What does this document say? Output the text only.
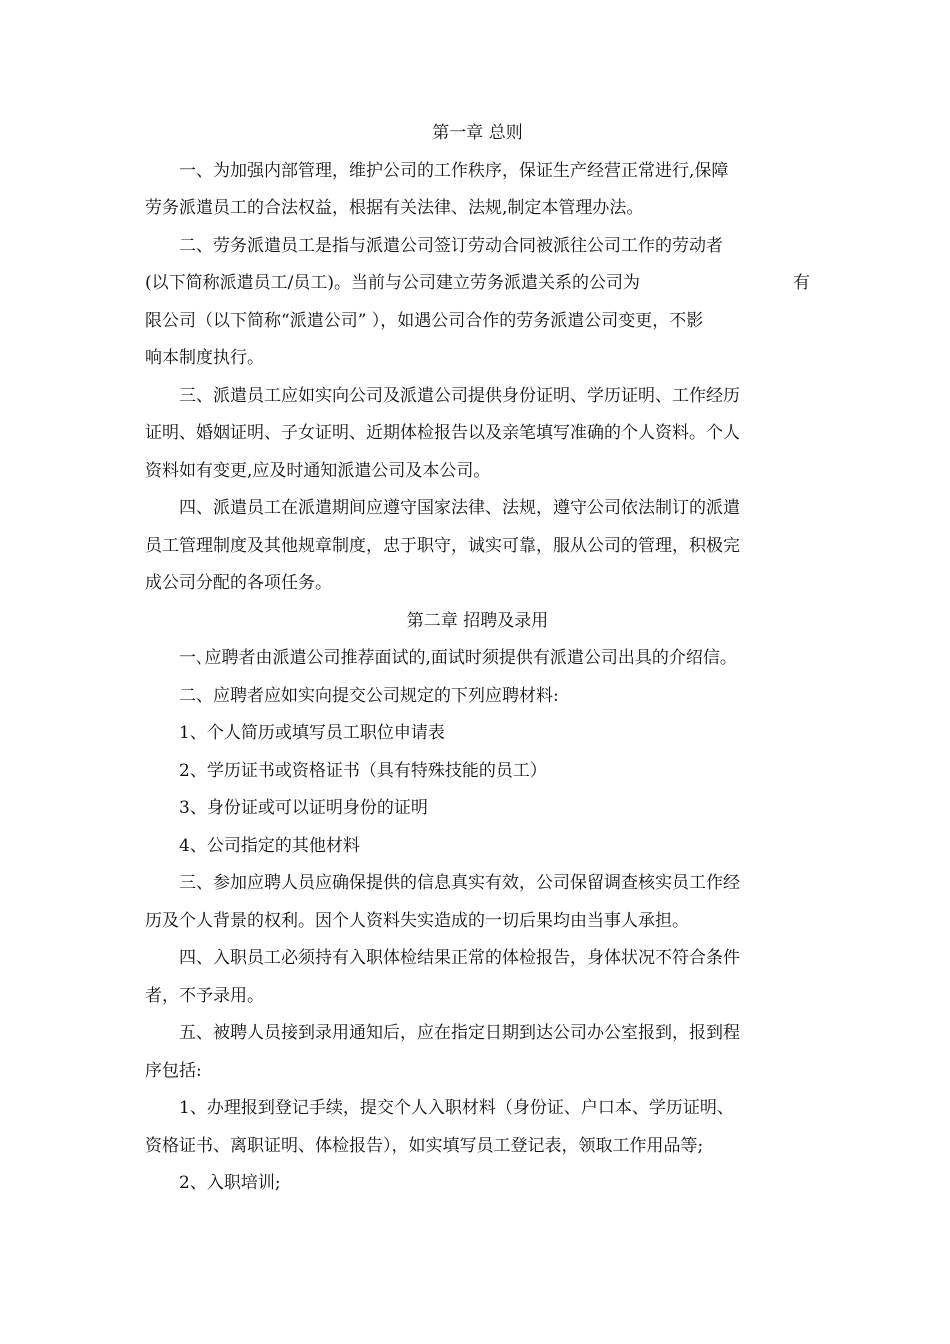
第一章 总则
一、为加强内部管理，维护公司的工作秩序，保证生产经营正常进行,保障
劳务派遣员工的合法权益，根据有关法律、法规,制定本管理办法。
二、劳务派遣员工是指与派遣公司签订劳动合同被派往公司工作的劳动者
(以下简称派遣员工/员工)。当前与公司建立劳务派遣关系的公司为	有
限公司（以下简称“派遣公司” ），如遇公司合作的劳务派遣公司变更，不影
响本制度执行。
三、派遣员工应如实向公司及派遣公司提供身份证明、学历证明、工作经历
证明、婚姻证明、子女证明、近期体检报告以及亲笔填写准确的个人资料。个人
资料如有变更,应及时通知派遣公司及本公司。
四、派遣员工在派遣期间应遵守国家法律、法规，遵守公司依法制订的派遣
员工管理制度及其他规章制度，忠于职守，诚实可靠，服从公司的管理，积极完
成公司分配的各项任务。
第二章 招聘及录用
一､应聘者由派遣公司推荐面试的,面试时须提供有派遣公司出具的介绍信。
二、应聘者应如实向提交公司规定的下列应聘材料:
1、个人简历或填写员工职位申请表
2、学历证书或资格证书（具有特殊技能的员工）
3、身份证或可以证明身份的证明
4、公司指定的其他材料
三、参加应聘人员应确保提供的信息真实有效，公司保留调查核实员工作经
历及个人背景的权利。因个人资料失实造成的一切后果均由当事人承担。
四、入职员工必须持有入职体检结果正常的体检报告，身体状况不符合条件
者，不予录用。
五、被聘人员接到录用通知后，应在指定日期到达公司办公室报到，报到程
序包括:
1、办理报到登记手续，提交个人入职材料（身份证、户口本、学历证明、
资格证书、离职证明、体检报告），如实填写员工登记表，领取工作用品等;
2、入职培训;
